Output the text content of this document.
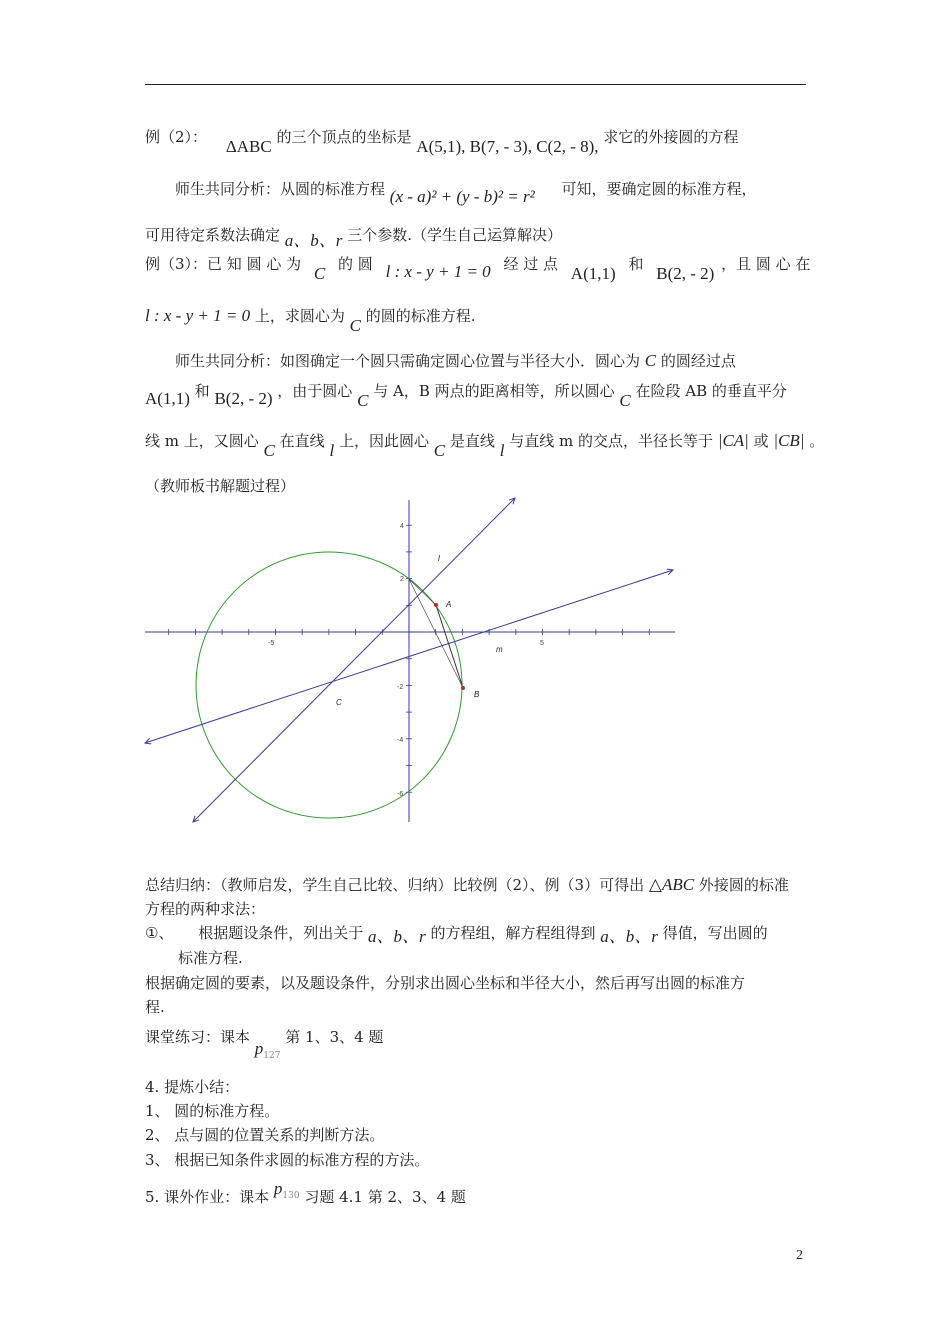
例（2）： ΔABC 的三个顶点的坐标是 A(5,1), B(7, - 3), C(2, - 8), 求它的外接圆的方程
师生共同分析：从圆的标准方程 (x - a)² + (y - b)² = r² 可知，要确定圆的标准方程，
可用待定系数法确定 a、b、r 三个参数.（学生自己运算解决）
例（3）：已 知 圆 心 为 C 的 圆 l : x - y + 1 = 0 经 过 点 A(1,1) 和 B(2, - 2) ，且 圆 心 在
l : x - y + 1 = 0 上，求圆心为 C 的圆的标准方程.
师生共同分析：如图确定一个圆只需确定圆心位置与半径大小．圆心为 C 的圆经过点
A(1,1) 和 B(2, - 2) ，由于圆心 C 与 A，B 两点的距离相等，所以圆心 C 在险段 AB 的垂直平分
线 m 上，又圆心 C 在直线 l 上，因此圆心 C 是直线 l 与直线 m 的交点，半径长等于 |CA| 或 |CB| 。
（教师板书解题过程）
-5	5
4
2
-2
-4
-6
l
m
A
B
C
总结归纳：（教师启发，学生自己比较、归纳）比较例（2）、例（3）可得出 △ABC 外接圆的标准
方程的两种求法：
①、 根据题设条件，列出关于 a、b、r 的方程组，解方程组得到 a、b、r 得值，写出圆的
标准方程.
根据确定圆的要素，以及题设条件，分别求出圆心坐标和半径大小，然后再写出圆的标准方
程.
课堂练习：课本 $p_{127}$ 第 1、3、4 题
4. 提炼小结：
1、 圆的标准方程。
2、 点与圆的位置关系的判断方法。
3、 根据已知条件求圆的标准方程的方法。
5. 课外作业：课本 $p^{130}$ 习题 4.1 第 2、3、4 题
2
